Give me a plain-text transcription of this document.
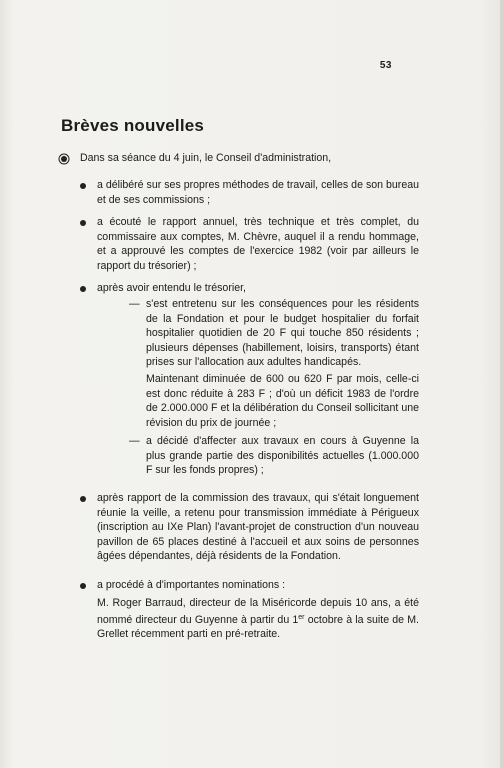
53
Brèves nouvelles

Dans sa séance du 4 juin, le Conseil d'administration,

a délibéré sur ses propres méthodes de travail, celles de son bureau et de ses commissions ;

a écouté le rapport annuel, très technique et très complet, du commissaire aux comptes, M. Chèvre, auquel il a rendu hommage, et a approuvé les comptes de l'exercice 1982 (voir par ailleurs le rapport du trésorier) ;

après avoir entendu le trésorier,

— s'est entretenu sur les conséquences pour les résidents de la Fondation et pour le budget hospitalier du forfait hospitalier quotidien de 20 F qui touche 850 résidents ; plusieurs dépenses (habillement, loisirs, transports) étant prises sur l'allocation aux adultes handicapés.

Maintenant diminuée de 600 ou 620 F par mois, celle-ci est donc réduite à 283 F ; d'où un déficit 1983 de l'ordre de 2.000.000 F et la délibération du Conseil sollicitant une révision du prix de journée ;

— a décidé d'affecter aux travaux en cours à Guyenne la plus grande partie des disponibilités actuelles (1.000.000 F sur les fonds propres) ;

après rapport de la commission des travaux, qui s'était longuement réunie la veille, a retenu pour transmission immédiate à Périgueux (inscription au IXe Plan) l'avant-projet de construction d'un nouveau pavillon de 65 places destiné à l'accueil et aux soins de personnes âgées dépendantes, déjà résidents de la Fondation.

a procédé à d'importantes nominations :

M. Roger Barraud, directeur de la Miséricorde depuis 10 ans, a été nommé directeur du Guyenne à partir du 1er octobre à la suite de M. Grellet récemment parti en pré-retraite.
